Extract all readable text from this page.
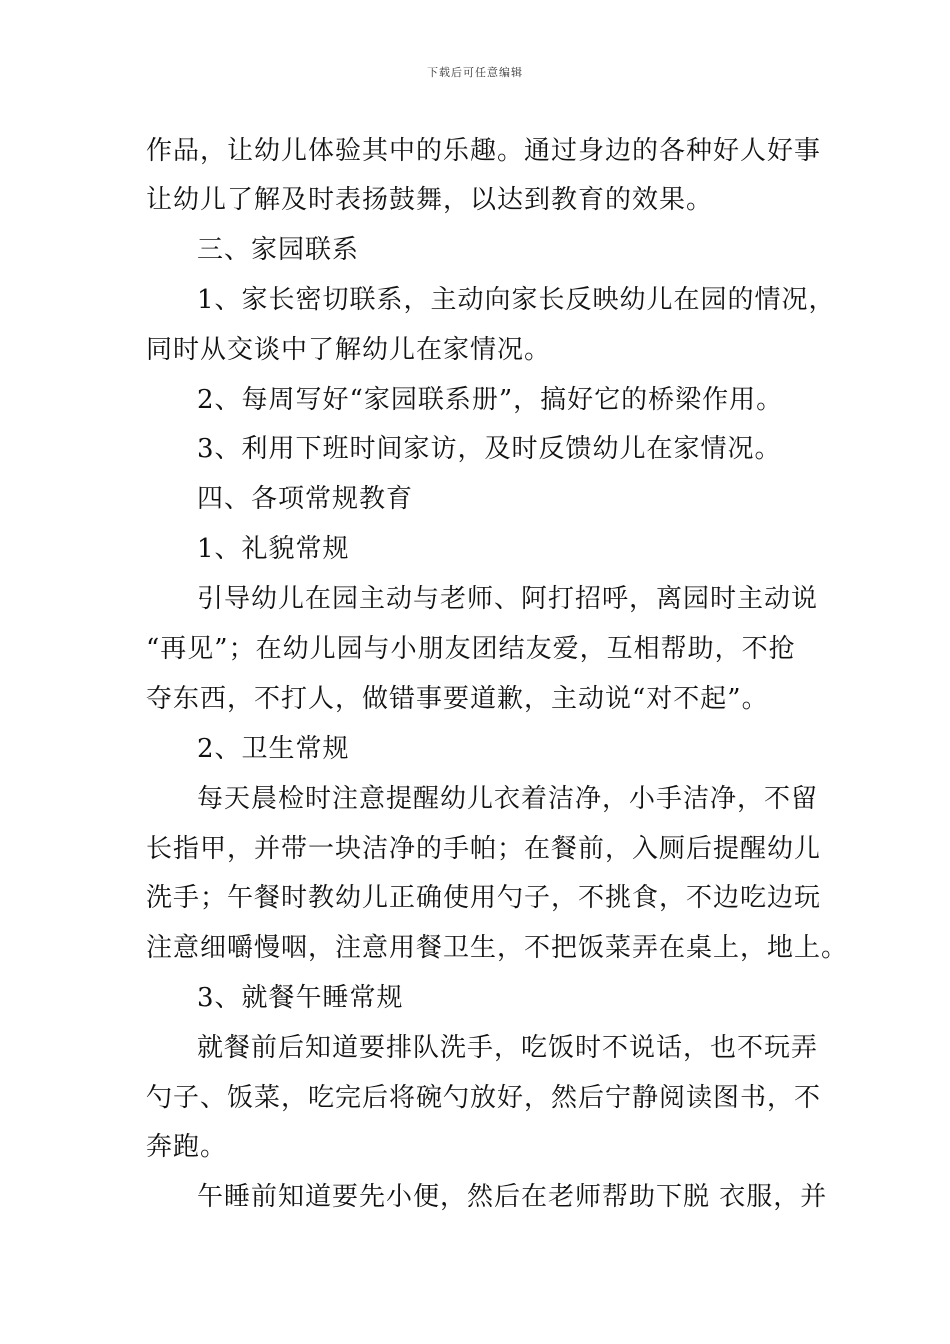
下载后可任意编辑
作品，让幼儿体验其中的乐趣。通过身边的各种好人好事
让幼儿了解及时表扬鼓舞，以达到教育的效果。
三、家园联系
1、家长密切联系，主动向家长反映幼儿在园的情况，
同时从交谈中了解幼儿在家情况。
2、每周写好“家园联系册”，搞好它的桥梁作用。
3、利用下班时间家访，及时反馈幼儿在家情况。
四、各项常规教育
1、礼貌常规
引导幼儿在园主动与老师、阿打招呼，离园时主动说
“再见”；在幼儿园与小朋友团结友爱，互相帮助，不抢
夺东西，不打人，做错事要道歉，主动说“对不起”。
2、卫生常规
每天晨检时注意提醒幼儿衣着洁净，小手洁净，不留
长指甲，并带一块洁净的手帕；在餐前，入厕后提醒幼儿
洗手；午餐时教幼儿正确使用勺子，不挑食，不边吃边玩
注意细嚼慢咽，注意用餐卫生，不把饭菜弄在桌上，地上。
3、就餐午睡常规
就餐前后知道要排队洗手，吃饭时不说话，也不玩弄
勺子、饭菜，吃完后将碗勺放好，然后宁静阅读图书，不
奔跑。
午睡前知道要先小便，然后在老师帮助下脱 衣服，并
